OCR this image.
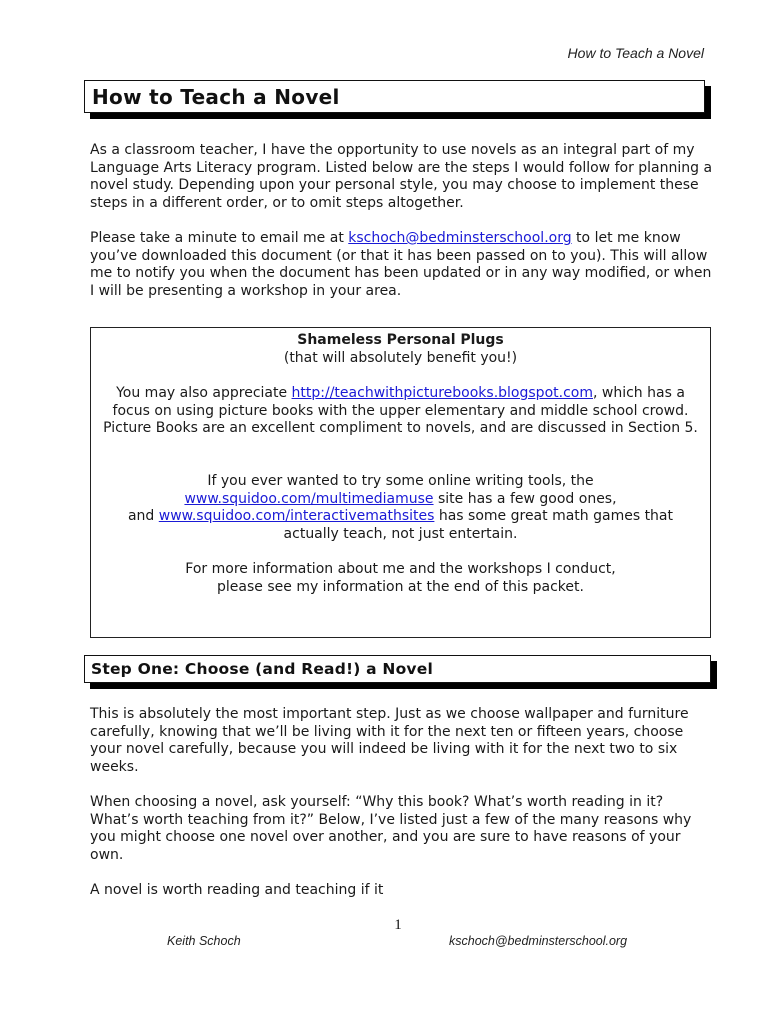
How to Teach a Novel
How to Teach a Novel
As a classroom teacher, I have the opportunity to use novels as an integral part of my Language Arts Literacy program. Listed below are the steps I would follow for planning a novel study. Depending upon your personal style, you may choose to implement these steps in a different order, or to omit steps altogether.
Please take a minute to email me at kschoch@bedminsterschool.org to let me know you’ve downloaded this document (or that it has been passed on to you). This will allow me to notify you when the document has been updated or in any way modified, or when I will be presenting a workshop in your area.
Shameless Personal Plugs
(that will absolutely benefit you!)
You may also appreciate http://teachwithpicturebooks.blogspot.com, which has a focus on using picture books with the upper elementary and middle school crowd. Picture Books are an excellent compliment to novels, and are discussed in Section 5.
If you ever wanted to try some online writing tools, the
www.squidoo.com/multimediamuse site has a few good ones,
and www.squidoo.com/interactivemathsites has some great math games that actually teach, not just entertain.
For more information about me and the workshops I conduct, please see my information at the end of this packet.
Step One: Choose (and Read!) a Novel
This is absolutely the most important step. Just as we choose wallpaper and furniture carefully, knowing that we’ll be living with it for the next ten or fifteen years, choose your novel carefully, because you will indeed be living with it for the next two to six weeks.
When choosing a novel, ask yourself: “Why this book? What’s worth reading in it? What’s worth teaching from it?” Below, I’ve listed just a few of the many reasons why you might choose one novel over another, and you are sure to have reasons of your own.
A novel is worth reading and teaching if it
1
Keith Schoch	kschoch@bedminsterschool.org
